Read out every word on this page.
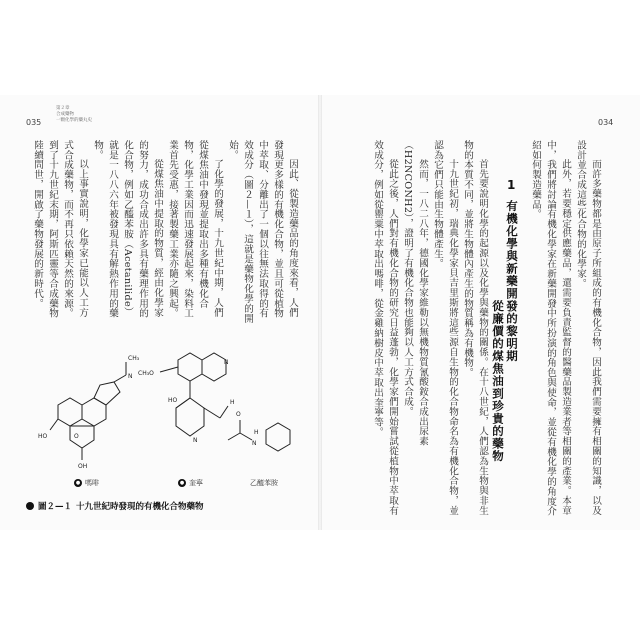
035
第２章
合成藥物
一顆化學的藥丸史	034

因此、從製造藥品的角度來看，人們發現更多樣的有機化合物，並且可從植物中萃取、分離出了一個以往無法取得的有效成分（圖２—１），這就是藥物化學的開始。

了化學的發展，十九世紀中期，人們從煤焦油中發現並提取出多種有機化合物，化學工業因而迅速發展起來，染料工業首先受惠，接著製藥工業亦隨之興起。

從煤焦油中提取的物質，經由化學家的努力，成功合成出許多具有藥理作用的化合物，例如乙醯苯胺（Acetanilide）就是一八八六年被發現具有解熱作用的藥物。

以上事實說明，化學家已能以人工方式合成藥物，而不再只依賴天然的來源。到了十九世紀末期，阿斯匹靈等合成藥物陸續問世，開啟了藥物發展的新時代。

CH₃
N
HO
OH
O
N
CH₃O
HO
N
H
O
N
H
● 嗎啡	● 奎寧	乙醯苯胺
圖２—１ 十九世紀時發現的有機化合物藥物	而許多藥物都是由原子所組成的有機化合物，因此我們需要擁有相關的知識，以及設計並合成這些化合物的化學家。

此外，若要穩定供應藥品，還需要負責監督的醫藥品製造業者等相關的產業。本章中，我們將討論有機化學家在新藥開發中所扮演的角色與使命，並從有機化學的角度介紹如何製造藥品。

1
有機化學與新藥開發的黎明期
從廉價的煤焦油到珍貴的藥物

首先要說明化學的起源以及化學與藥物的關係。在十八世紀，人們認為生物與非生物的本質不同，並將生物體內產生的物質稱為有機物。

十九世紀初，瑞典化學家貝吉里斯將這些源自生物的化合物命名為有機化合物，並認為它們只能由生物體產生。

然而，一八二八年，德國化學家維勒以無機物質氰酸銨合成出尿素（H2NCONH2），證明了有機化合物也能夠以人工方式合成。

從此之後，人們對有機化合物的研究日益蓬勃，化學家們開始嘗試從植物中萃取有效成分，例如從罌粟中萃取出嗎啡，從金雞納樹皮中萃取出奎寧等。
